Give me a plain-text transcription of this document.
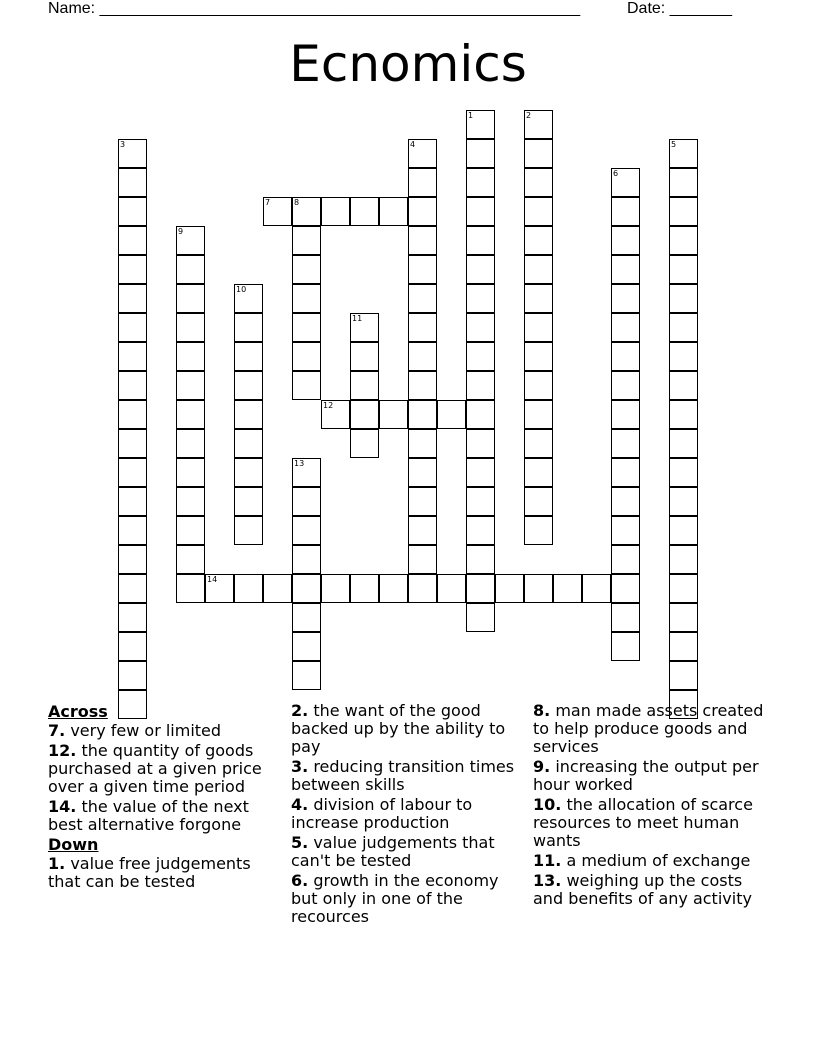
Name: ______________________________________________________	Date: _______
Ecnomics
1	2
3	4	5
6
7	8
9
10
11
12
13
14
Across
7. very few or limited
12. the quantity of goods purchased at a given price over a given time period
14. the value of the next best alternative forgone
Down
1. value free judgements that can be tested
2. the want of the good backed up by the ability to pay
3. reducing transition times between skills
4. division of labour to increase production
5. value judgements that can't be tested
6. growth in the economy but only in one of the recources
8. man made assets created to help produce goods and services
9. increasing the output per hour worked
10. the allocation of scarce resources to meet human wants
11. a medium of exchange
13. weighing up the costs and benefits of any activity
